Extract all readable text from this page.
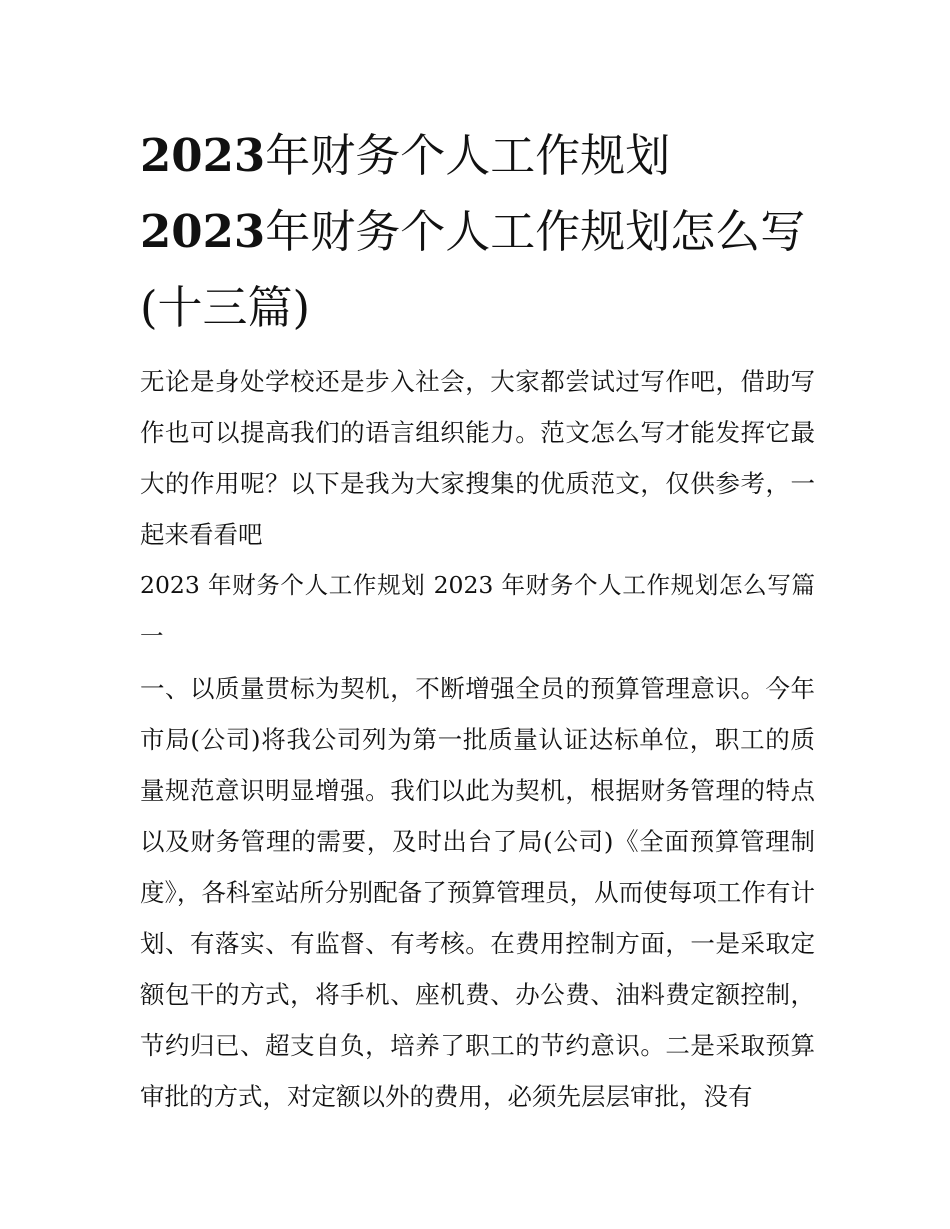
2023年财务个人工作规划
2023年财务个人工作规划怎么写(十三篇)

无论是身处学校还是步入社会，大家都尝试过写作吧，借助写作也可以提高我们的语言组织能力。范文怎么写才能发挥它最大的作用呢？以下是我为大家搜集的优质范文，仅供参考，一起来看看吧

2023 年财务个人工作规划 2023 年财务个人工作规划怎么写篇一

一、以质量贯标为契机，不断增强全员的预算管理意识。今年市局(公司)将我公司列为第一批质量认证达标单位，职工的质量规范意识明显增强。我们以此为契机，根据财务管理的特点以及财务管理的需要，及时出台了局(公司)《全面预算管理制度》，各科室站所分别配备了预算管理员，从而使每项工作有计划、有落实、有监督、有考核。在费用控制方面，一是采取定额包干的方式，将手机、座机费、办公费、油料费定额控制，节约归已、超支自负，培养了职工的节约意识。二是采取预算审批的方式，对定额以外的费用，必须先层层审批，没有
